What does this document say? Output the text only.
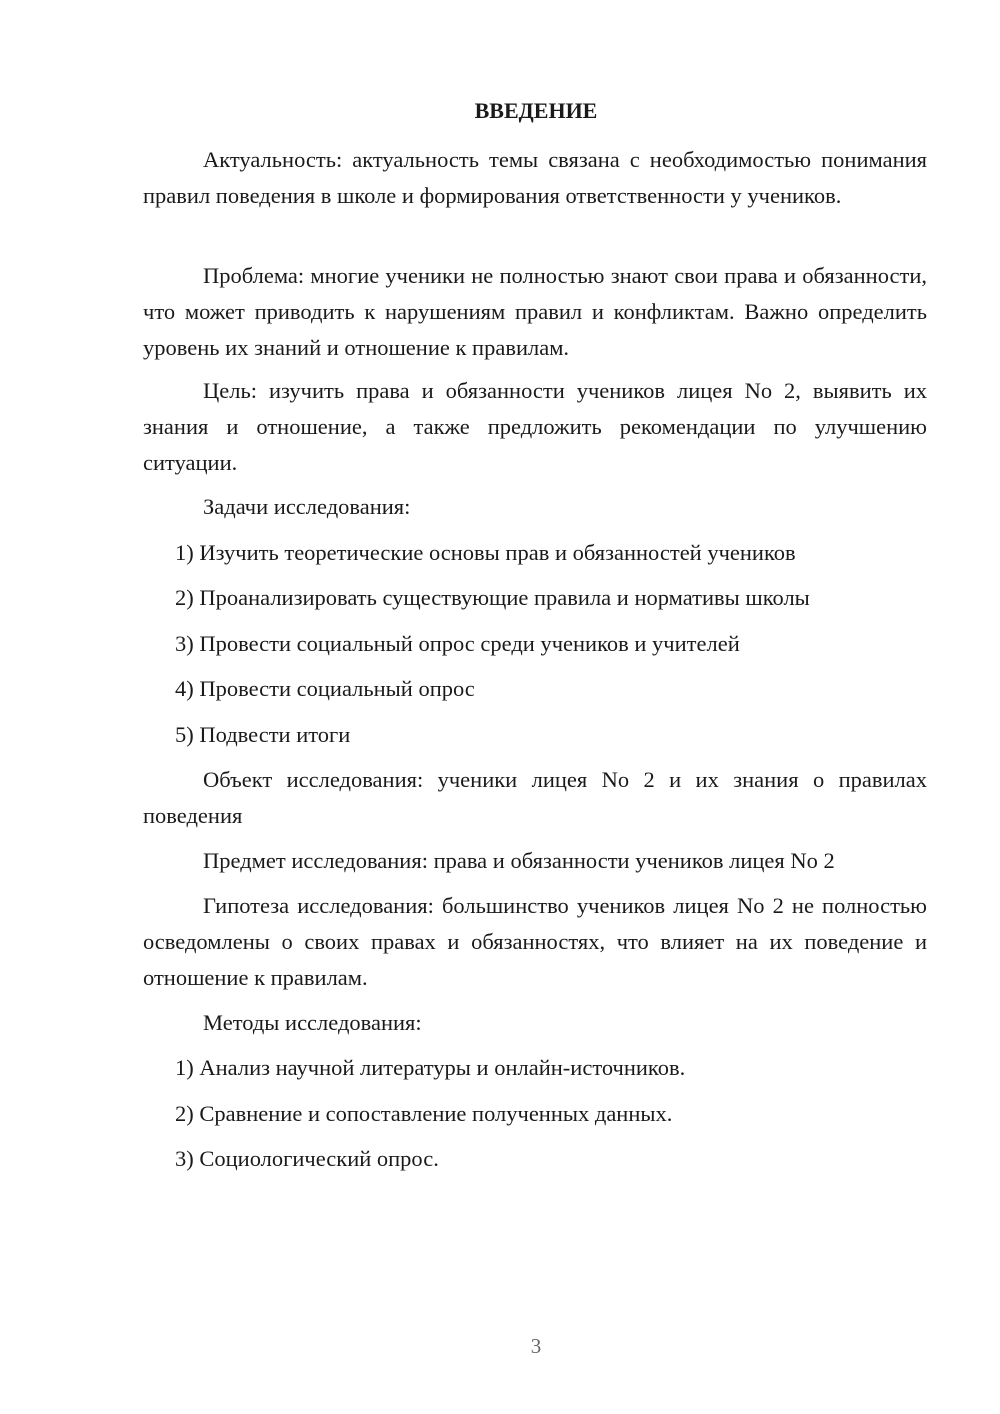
ВВЕДЕНИЕ

Актуальность: актуальность темы связана с необходимостью понимания правил поведения в школе и формирования ответственности у учеников.

Проблема: многие ученики не полностью знают свои права и обязанности, что может приводить к нарушениям правил и конфликтам. Важно определить уровень их знаний и отношение к правилам.

Цель: изучить права и обязанности учеников лицея No 2, выявить их знания и отношение, а также предложить рекомендации по улучшению ситуации.

Задачи исследования:

1) Изучить теоретические основы прав и обязанностей учеников

2) Проанализировать существующие правила и нормативы школы

3) Провести социальный опрос среди учеников и учителей

4) Провести социальный опрос

5) Подвести итоги

Объект исследования: ученики лицея No 2 и их знания о правилах поведения

Предмет исследования: права и обязанности учеников лицея No 2

Гипотеза исследования: большинство учеников лицея No 2 не полностью осведомлены о своих правах и обязанностях, что влияет на их поведение и отношение к правилам.

Методы исследования:

1) Анализ научной литературы и онлайн-источников.

2) Сравнение и сопоставление полученных данных.

3) Социологический опрос.

3
